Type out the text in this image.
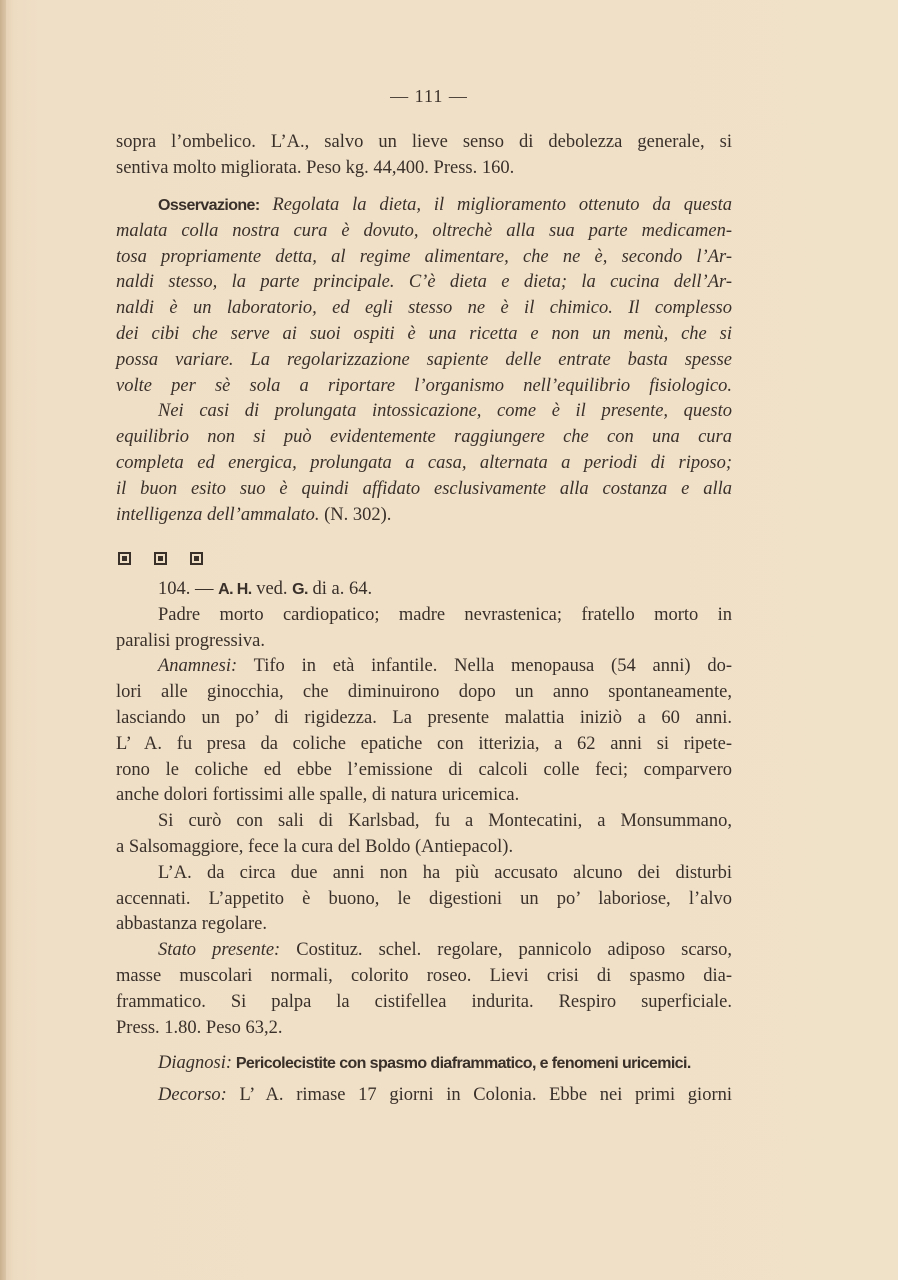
— 111 —
sopra l’ombelico. L’A., salvo un lieve senso di debolezza generale, si
sentiva molto migliorata. Peso kg. 44,400. Press. 160.
Osservazione: Regolata la dieta, il miglioramento ottenuto da questa
malata colla nostra cura è dovuto, oltrechè alla sua parte medicamen-
tosa propriamente detta, al regime alimentare, che ne è, secondo l’Ar-
naldi stesso, la parte principale. C’è dieta e dieta; la cucina dell’Ar-
naldi è un laboratorio, ed egli stesso ne è il chimico. Il complesso
dei cibi che serve ai suoi ospiti è una ricetta e non un menù, che si
possa variare. La regolarizzazione sapiente delle entrate basta spesse
volte per sè sola a riportare l’organismo nell’equilibrio fisiologico.
Nei casi di prolungata intossicazione, come è il presente, questo
equilibrio non si può evidentemente raggiungere che con una cura
completa ed energica, prolungata a casa, alternata a periodi di riposo;
il buon esito suo è quindi affidato esclusivamente alla costanza e alla
intelligenza dell’ammalato. (N. 302).
104. — A. H. ved. G. di a. 64.
Padre morto cardiopatico; madre nevrastenica; fratello morto in
paralisi progressiva.
Anamnesi: Tifo in età infantile. Nella menopausa (54 anni) do-
lori alle ginocchia, che diminuirono dopo un anno spontaneamente,
lasciando un po’ di rigidezza. La presente malattia iniziò a 60 anni.
L’ A. fu presa da coliche epatiche con itterizia, a 62 anni si ripete-
rono le coliche ed ebbe l’emissione di calcoli colle feci; comparvero
anche dolori fortissimi alle spalle, di natura uricemica.
Si curò con sali di Karlsbad, fu a Montecatini, a Monsummano,
a Salsomaggiore, fece la cura del Boldo (Antiepacol).
L’A. da circa due anni non ha più accusato alcuno dei disturbi
accennati. L’appetito è buono, le digestioni un po’ laboriose, l’alvo
abbastanza regolare.
Stato presente: Costituz. schel. regolare, pannicolo adiposo scarso,
masse muscolari normali, colorito roseo. Lievi crisi di spasmo dia-
frammatico. Si palpa la cistifellea indurita. Respiro superficiale.
Press. 1.80. Peso 63,2.
Diagnosi: Pericolecistite con spasmo diaframmatico, e fenomeni uricemici.
Decorso: L’ A. rimase 17 giorni in Colonia. Ebbe nei primi giorni
